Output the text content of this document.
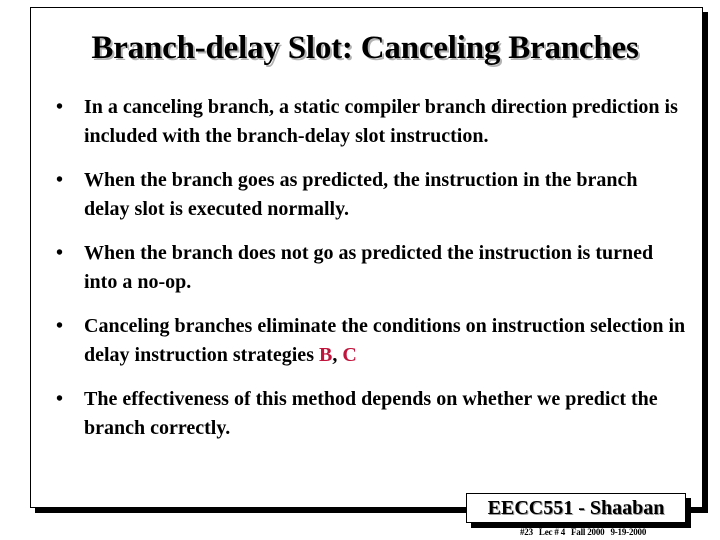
Branch-delay Slot: Canceling Branches
•	In a canceling branch, a static compiler branch direction prediction is included with the branch-delay slot instruction.
•	When the branch goes as predicted, the instruction in the branch delay slot is executed normally.
•	When the branch does not go as predicted the instruction is turned into a no-op.
•	Canceling branches eliminate the conditions on instruction selection in delay instruction strategies B, C
•	The effectiveness of this method depends on whether we predict the branch correctly.
EECC551 - Shaaban
#23 Lec # 4 Fall 2000 9-19-2000
